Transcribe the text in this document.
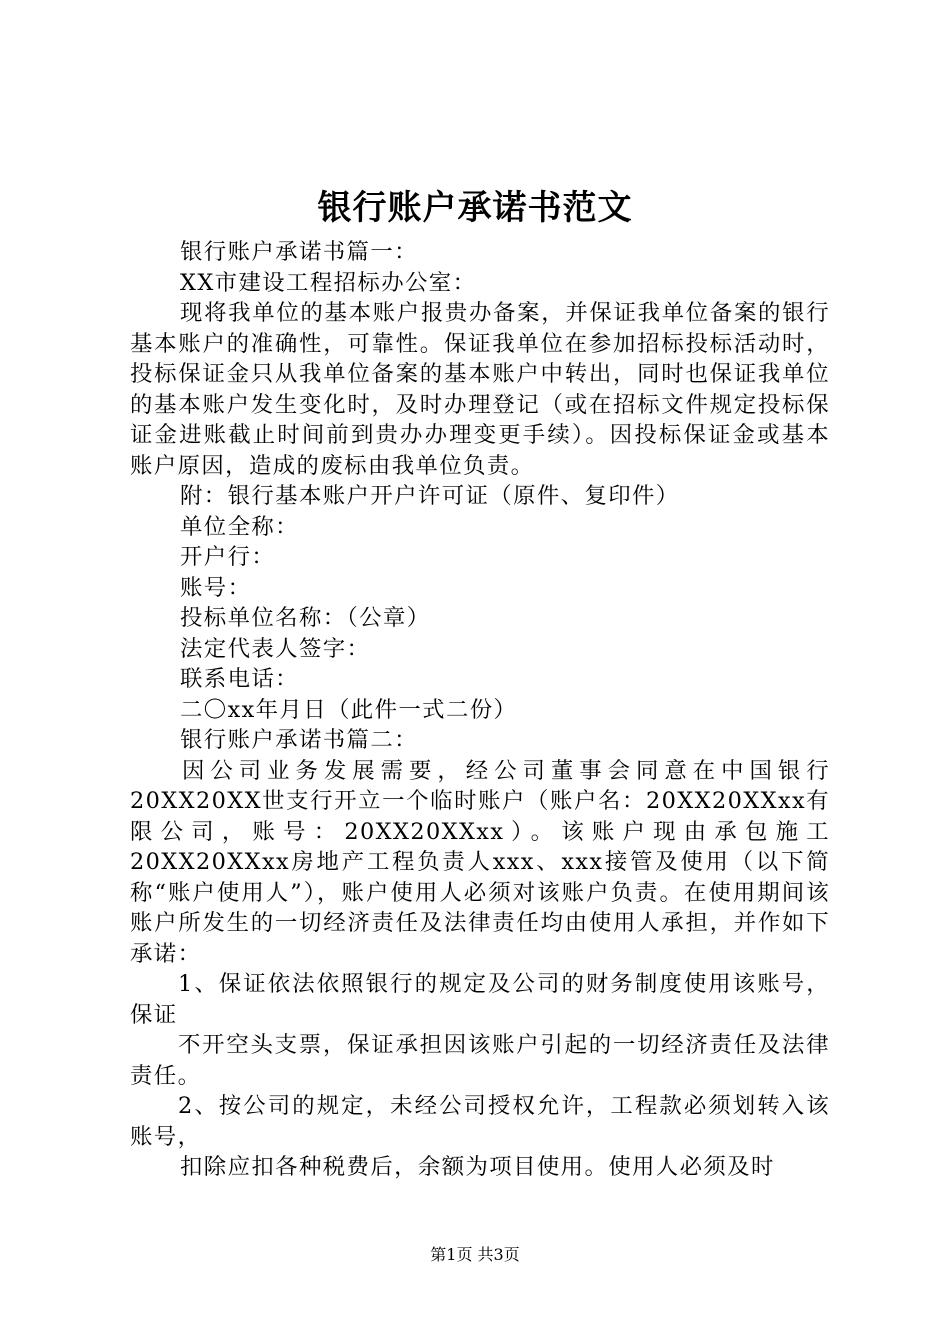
银行账户承诺书范文

银行账户承诺书篇一：

XX市建设工程招标办公室：

现将我单位的基本账户报贵办备案，并保证我单位备案的银行基本账户的准确性，可靠性。保证我单位在参加招标投标活动时，投标保证金只从我单位备案的基本账户中转出，同时也保证我单位的基本账户发生变化时，及时办理登记（或在招标文件规定投标保证金进账截止时间前到贵办办理变更手续）。因投标保证金或基本账户原因，造成的废标由我单位负责。

附：银行基本账户开户许可证（原件、复印件）

单位全称：

开户行：

账号：

投标单位名称：（公章）

法定代表人签字：

联系电话：

二〇xx年月日（此件一式二份）

银行账户承诺书篇二：

因公司业务发展需要，经公司董事会同意在中国银行20XX20XX世支行开立一个临时账户（账户名：20XX20XXxx有限公司，账号：20XX20XXxx）。该账户现由承包施工20XX20XXxx房地产工程负责人xxx、xxx接管及使用（以下简称“账户使用人”），账户使用人必须对该账户负责。在使用期间该账户所发生的一切经济责任及法律责任均由使用人承担，并作如下承诺：

1、保证依法依照银行的规定及公司的财务制度使用该账号，保证

不开空头支票，保证承担因该账户引起的一切经济责任及法律责任。

2、按公司的规定，未经公司授权允许，工程款必须划转入该账号，

扣除应扣各种税费后，余额为项目使用。使用人必须及时

第1页 共3页
